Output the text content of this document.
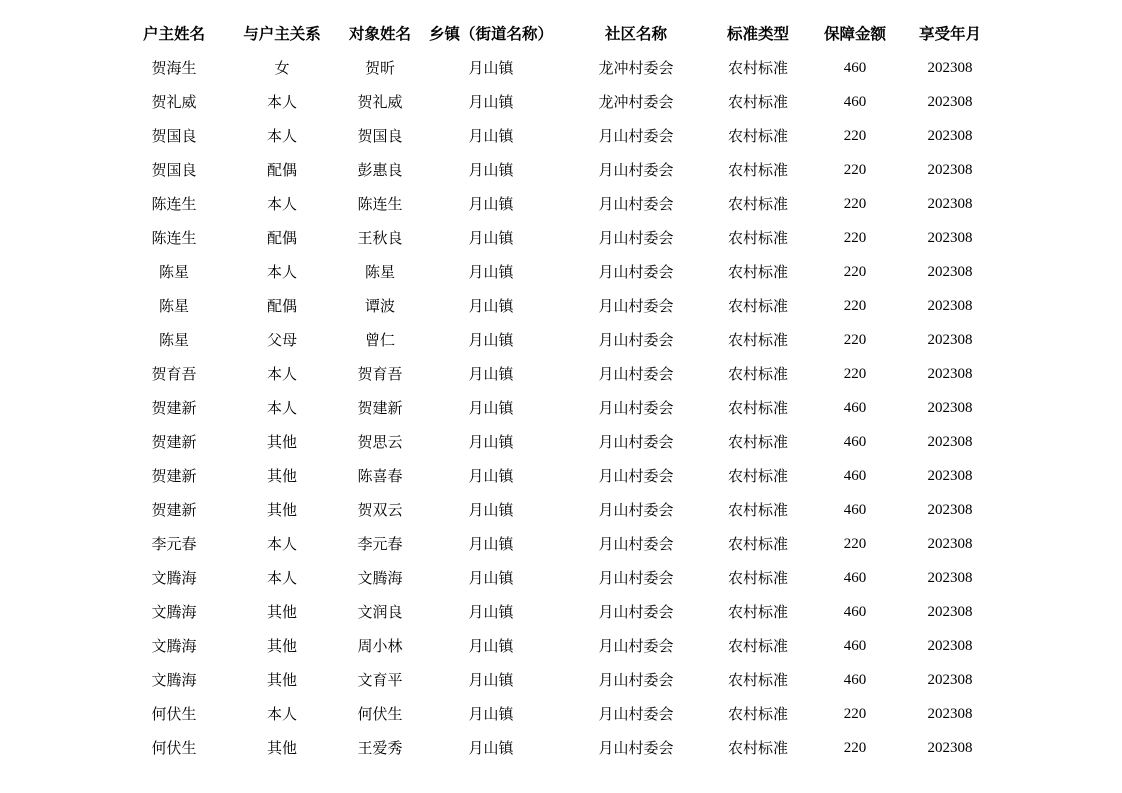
户主姓名	与户主关系	对象姓名	乡镇（街道名称）	社区名称	标准类型	保障金额	享受年月
贺海生	女	贺昕	月山镇	龙冲村委会	农村标准	460	202308
贺礼威	本人	贺礼威	月山镇	龙冲村委会	农村标准	460	202308
贺国良	本人	贺国良	月山镇	月山村委会	农村标准	220	202308
贺国良	配偶	彭惠良	月山镇	月山村委会	农村标准	220	202308
陈连生	本人	陈连生	月山镇	月山村委会	农村标准	220	202308
陈连生	配偶	王秋良	月山镇	月山村委会	农村标准	220	202308
陈星	本人	陈星	月山镇	月山村委会	农村标准	220	202308
陈星	配偶	谭波	月山镇	月山村委会	农村标准	220	202308
陈星	父母	曾仁	月山镇	月山村委会	农村标准	220	202308
贺育吾	本人	贺育吾	月山镇	月山村委会	农村标准	220	202308
贺建新	本人	贺建新	月山镇	月山村委会	农村标准	460	202308
贺建新	其他	贺思云	月山镇	月山村委会	农村标准	460	202308
贺建新	其他	陈喜春	月山镇	月山村委会	农村标准	460	202308
贺建新	其他	贺双云	月山镇	月山村委会	农村标准	460	202308
李元春	本人	李元春	月山镇	月山村委会	农村标准	220	202308
文腾海	本人	文腾海	月山镇	月山村委会	农村标准	460	202308
文腾海	其他	文润良	月山镇	月山村委会	农村标准	460	202308
文腾海	其他	周小林	月山镇	月山村委会	农村标准	460	202308
文腾海	其他	文育平	月山镇	月山村委会	农村标准	460	202308
何伏生	本人	何伏生	月山镇	月山村委会	农村标准	220	202308
何伏生	其他	王爱秀	月山镇	月山村委会	农村标准	220	202308
